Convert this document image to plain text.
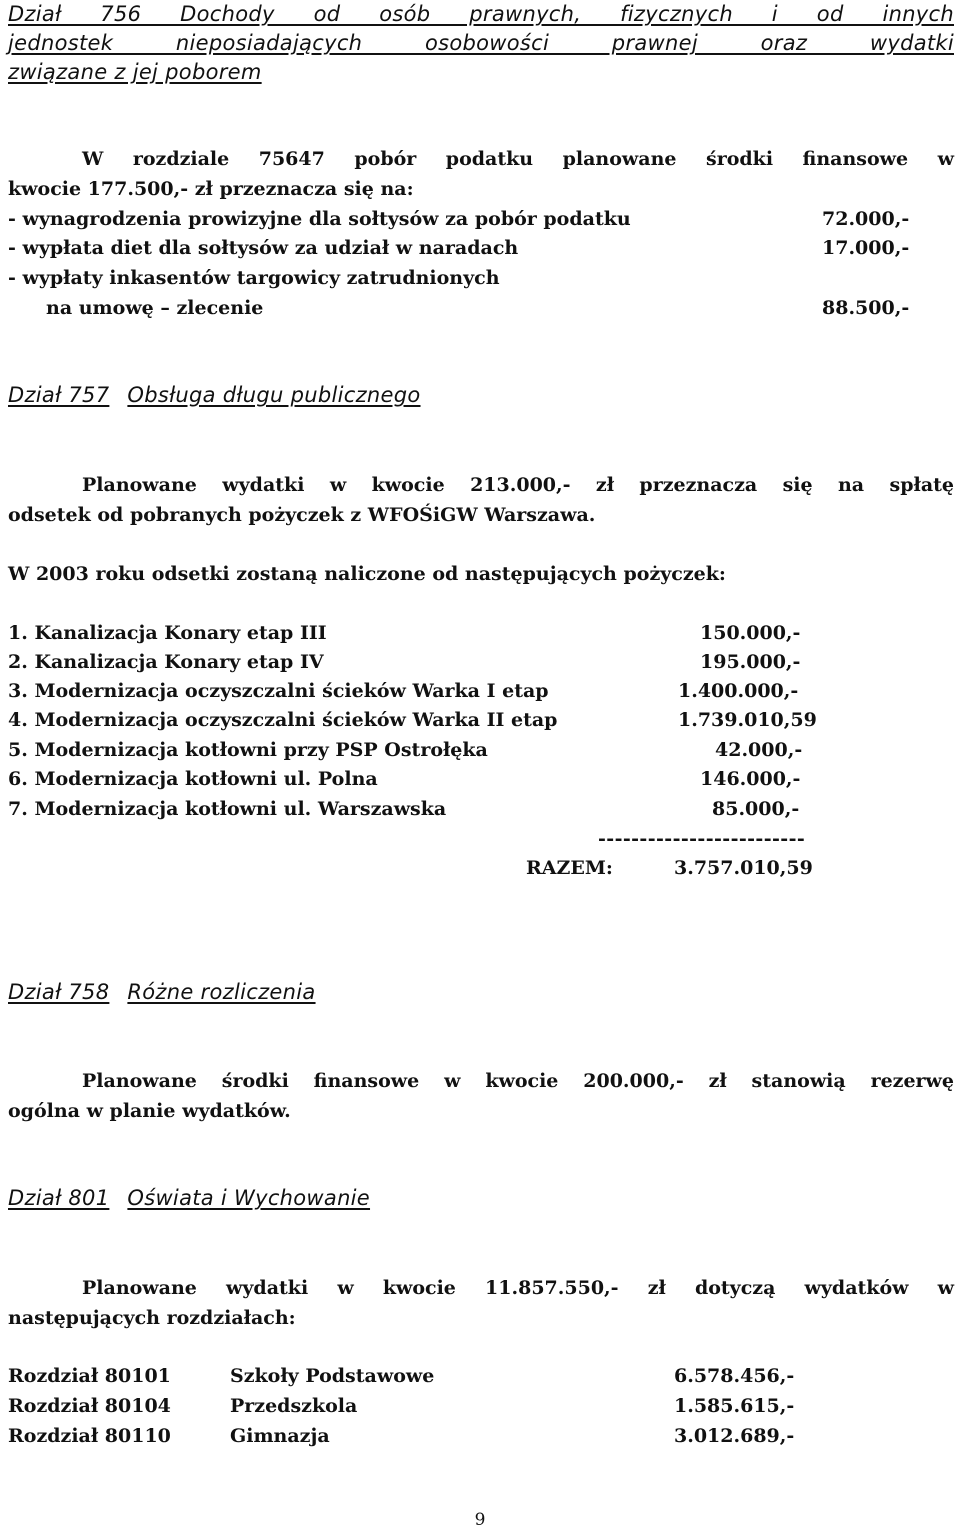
Dział 756 Dochody od osób prawnych, fizycznych i od innych
jednostek nieposiadających osobowości prawnej oraz wydatki
związane z jej poborem
W rozdziale 75647 pobór podatku planowane środki finansowe w
kwocie 177.500,- zł przeznacza się na:
- wynagrodzenia prowizyjne dla sołtysów za pobór podatku	72.000,-
- wypłata diet dla sołtysów za udział w naradach	17.000,-
- wypłaty inkasentów targowicy zatrudnionych
na umowę – zlecenie	88.500,-
Dział 757 Obsługa długu publicznego
Planowane wydatki w kwocie 213.000,- zł przeznacza się na spłatę
odsetek od pobranych pożyczek z WFOŚiGW Warszawa.
W 2003 roku odsetki zostaną naliczone od następujących pożyczek:
1. Kanalizacja Konary etap III	150.000,-
2. Kanalizacja Konary etap IV	195.000,-
3. Modernizacja oczyszczalni ścieków Warka I etap	1.400.000,-
4. Modernizacja oczyszczalni ścieków Warka II etap	1.739.010,59
5. Modernizacja kotłowni przy PSP Ostrołęka	42.000,-
6. Modernizacja kotłowni ul. Polna	146.000,-
7. Modernizacja kotłowni ul. Warszawska	85.000,-
-------------------------
RAZEM:	3.757.010,59
Dział 758 Różne rozliczenia
Planowane środki finansowe w kwocie 200.000,- zł stanowią rezerwę
ogólna w planie wydatków.
Dział 801 Oświata i Wychowanie
Planowane wydatki w kwocie 11.857.550,- zł dotyczą wydatków w
następujących rozdziałach:
Rozdział 80101	Szkoły Podstawowe	6.578.456,-
Rozdział 80104	Przedszkola	1.585.615,-
Rozdział 80110	Gimnazja	3.012.689,-
9
